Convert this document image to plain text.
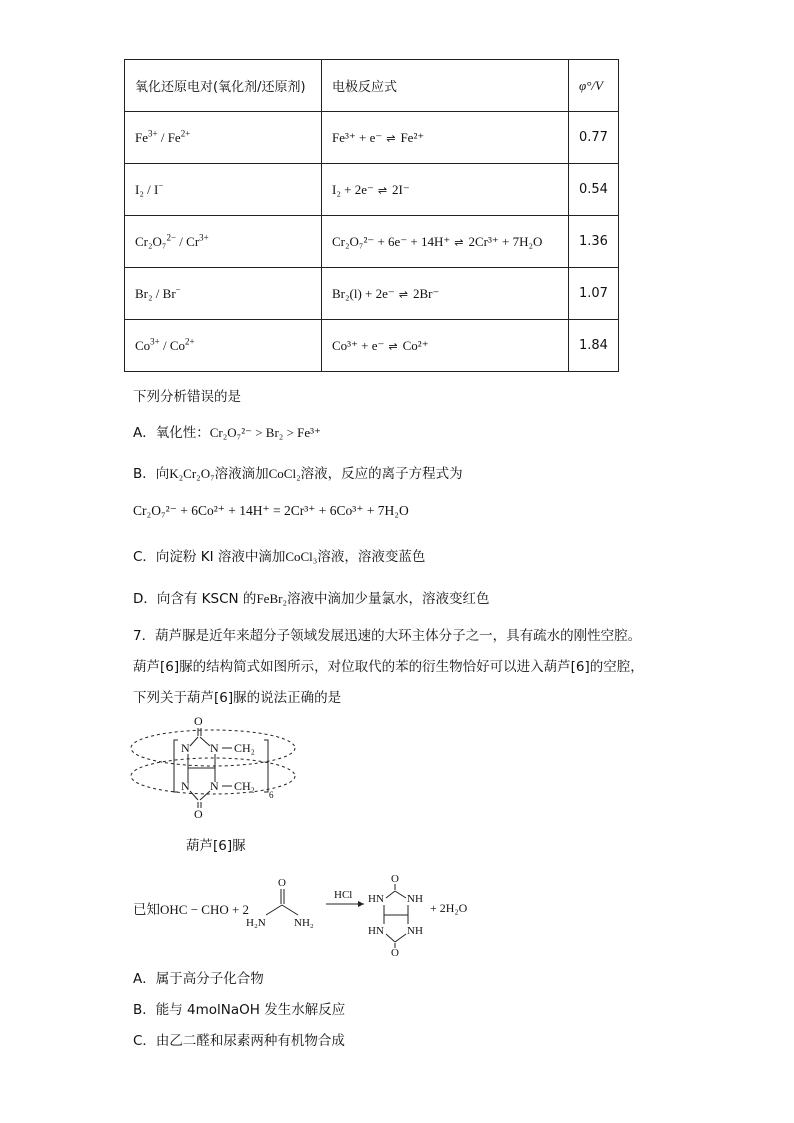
氧化还原电对(氧化剂/还原剂)	电极反应式	φ°/V
$Fe^{3+} / Fe^{2+}$	Fe³⁺ + e⁻ ⇌ Fe²⁺	0.77
I₂ / I−	I₂ + 2e⁻ ⇌ 2I⁻	0.54
$Cr_2O_7^{2-} / Cr^{3+}$	Cr₂O₇²⁻ + 6e⁻ + 14H⁺ ⇌ 2Cr³⁺ + 7H₂O	1.36
Br₂ / Br−	Br₂(l) + 2e⁻ ⇌ 2Br⁻	1.07
$Co^{3+} / Co^{2+}$	Co³⁺ + e⁻ ⇌ Co²⁺	1.84
下列分析错误的是
A．氧化性：Cr₂O₇²⁻ > Br₂ > Fe³⁺
B．向K₂Cr₂O₇溶液滴加CoCl₂溶液，反应的离子方程式为
Cr₂O₇²⁻ + 6Co²⁺ + 14H⁺ = 2Cr³⁺ + 6Co³⁺ + 7H₂O
C．向淀粉 KI 溶液中滴加CoCl₃溶液，溶液变蓝色
D．向含有 KSCN 的FeBr₂溶液中滴加少量氯水，溶液变红色
7．葫芦脲是近年来超分子领域发展迅速的大环主体分子之一，具有疏水的刚性空腔。
葫芦[6]脲的结构简式如图所示，对位取代的苯的衍生物恰好可以进入葫芦[6]的空腔，
下列关于葫芦[6]脲的说法正确的是
O
N N CH₂
N N CH₂
6
O
葫芦[6]脲
已知OHC − CHO + 2
O
H₂N	NH₂
HCl
O
HN NH
HN NH
O
+ 2H₂O
A．属于高分子化合物
B．能与 4molNaOH 发生水解反应
C．由乙二醛和尿素两种有机物合成
